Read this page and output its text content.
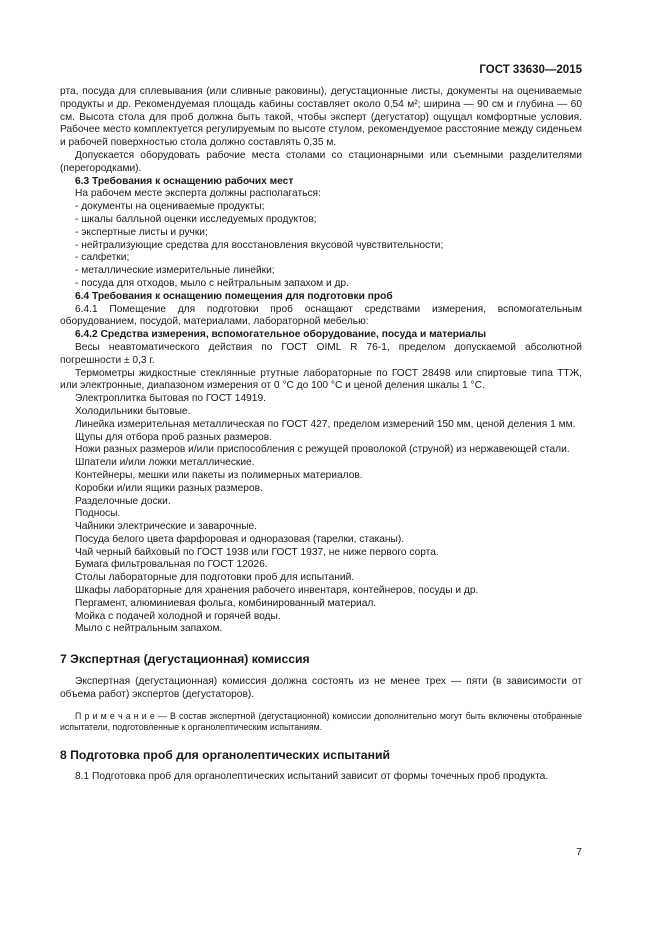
ГОСТ 33630—2015

рта, посуда для сплевывания (или сливные раковины), дегустационные листы, документы на оцениваемые продукты и др. Рекомендуемая площадь кабины составляет около 0,54 м²; ширина — 90 см и глубина — 60 см. Высота стола для проб должна быть такой, чтобы эксперт (дегустатор) ощущал комфортные условия. Рабочее место комплектуется регулируемым по высоте стулом, рекомендуемое расстояние между сиденьем и рабочей поверхностью стола должно составлять 0,35 м.

Допускается оборудовать рабочие места столами со стационарными или съемными разделителями (перегородками).

6.3 Требования к оснащению рабочих мест

На рабочем месте эксперта должны располагаться:

- документы на оцениваемые продукты;
- шкалы балльной оценки исследуемых продуктов;
- экспертные листы и ручки;
- нейтрализующие средства для восстановления вкусовой чувствительности;
- салфетки;
- металлические измерительные линейки;
- посуда для отходов, мыло с нейтральным запахом и др.

6.4 Требования к оснащению помещения для подготовки проб

6.4.1 Помещение для подготовки проб оснащают средствами измерения, вспомогательным оборудованием, посудой, материалами, лабораторной мебелью:

6.4.2 Средства измерения, вспомогательное оборудование, посуда и материалы

Весы неавтоматического действия по ГОСТ OIML R 76-1, пределом допускаемой абсолютной погрешности ± 0,3 г.

Термометры жидкостные стеклянные ртутные лабораторные по ГОСТ 28498 или спиртовые типа ТТЖ, или электронные, диапазоном измерения от 0 °С до 100 °С и ценой деления шкалы 1 °С.

Электроплитка бытовая по ГОСТ 14919.

Холодильники бытовые.

Линейка измерительная металлическая по ГОСТ 427, пределом измерений 150 мм, ценой деления 1 мм.

Щупы для отбора проб разных размеров.

Ножи разных размеров и/или приспособления с режущей проволокой (струной) из нержавеющей стали.

Шпатели и/или ложки металлические.

Контейнеры, мешки или пакеты из полимерных материалов.

Коробки и/или ящики разных размеров.

Разделочные доски.

Подносы.

Чайники электрические и заварочные.

Посуда белого цвета фарфоровая и одноразовая (тарелки, стаканы).

Чай черный байховый по ГОСТ 1938 или ГОСТ 1937, не ниже первого сорта.

Бумага фильтровальная по ГОСТ 12026.

Столы лабораторные для подготовки проб для испытаний.

Шкафы лабораторные для хранения рабочего инвентаря, контейнеров, посуды и др.

Пергамент, алюминиевая фольга, комбинированный материал.

Мойка с подачей холодной и горячей воды.

Мыло с нейтральным запахом.

7 Экспертная (дегустационная) комиссия

Экспертная (дегустационная) комиссия должна состоять из не менее трех — пяти (в зависимости от объема работ) экспертов (дегустаторов).

П р и м е ч а н и е — В состав экспертной (дегустационной) комиссии дополнительно могут быть включены отобранные испытатели, подготовленные к органолептическим испытаниям.

8 Подготовка проб для органолептических испытаний

8.1 Подготовка проб для органолептических испытаний зависит от формы точечных проб продукта.

7
